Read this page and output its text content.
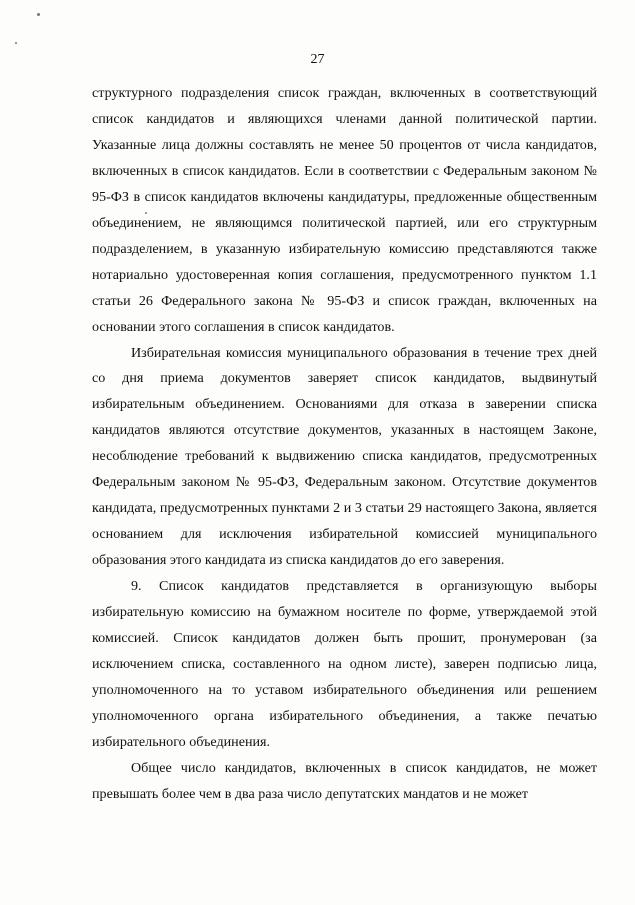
27

структурного подразделения список граждан, включенных в соответствующий список кандидатов и являющихся членами данной политической партии. Указанные лица должны составлять не менее 50 процентов от числа кандидатов, включенных в список кандидатов. Если в соответствии с Федеральным законом № 95-ФЗ в список кандидатов включены кандидатуры, предложенные общественным объединением, не являющимся политической партией, или его структурным подразделением, в указанную избирательную комиссию представляются также нотариально удостоверенная копия соглашения, предусмотренного пунктом 1.1 статьи 26 Федерального закона № 95-ФЗ и список граждан, включенных на основании этого соглашения в список кандидатов.

Избирательная комиссия муниципального образования в течение трех дней со дня приема документов заверяет список кандидатов, выдвинутый избирательным объединением. Основаниями для отказа в заверении списка кандидатов являются отсутствие документов, указанных в настоящем Законе, несоблюдение требований к выдвижению списка кандидатов, предусмотренных Федеральным законом № 95-ФЗ, Федеральным законом. Отсутствие документов кандидата, предусмотренных пунктами 2 и 3 статьи 29 настоящего Закона, является основанием для исключения избирательной комиссией муниципального образования этого кандидата из списка кандидатов до его заверения.

9. Список кандидатов представляется в организующую выборы избирательную комиссию на бумажном носителе по форме, утверждаемой этой комиссией. Список кандидатов должен быть прошит, пронумерован (за исключением списка, составленного на одном листе), заверен подписью лица, уполномоченного на то уставом избирательного объединения или решением уполномоченного органа избирательного объединения, а также печатью избирательного объединения.

Общее число кандидатов, включенных в список кандидатов, не может превышать более чем в два раза число депутатских мандатов и не может
